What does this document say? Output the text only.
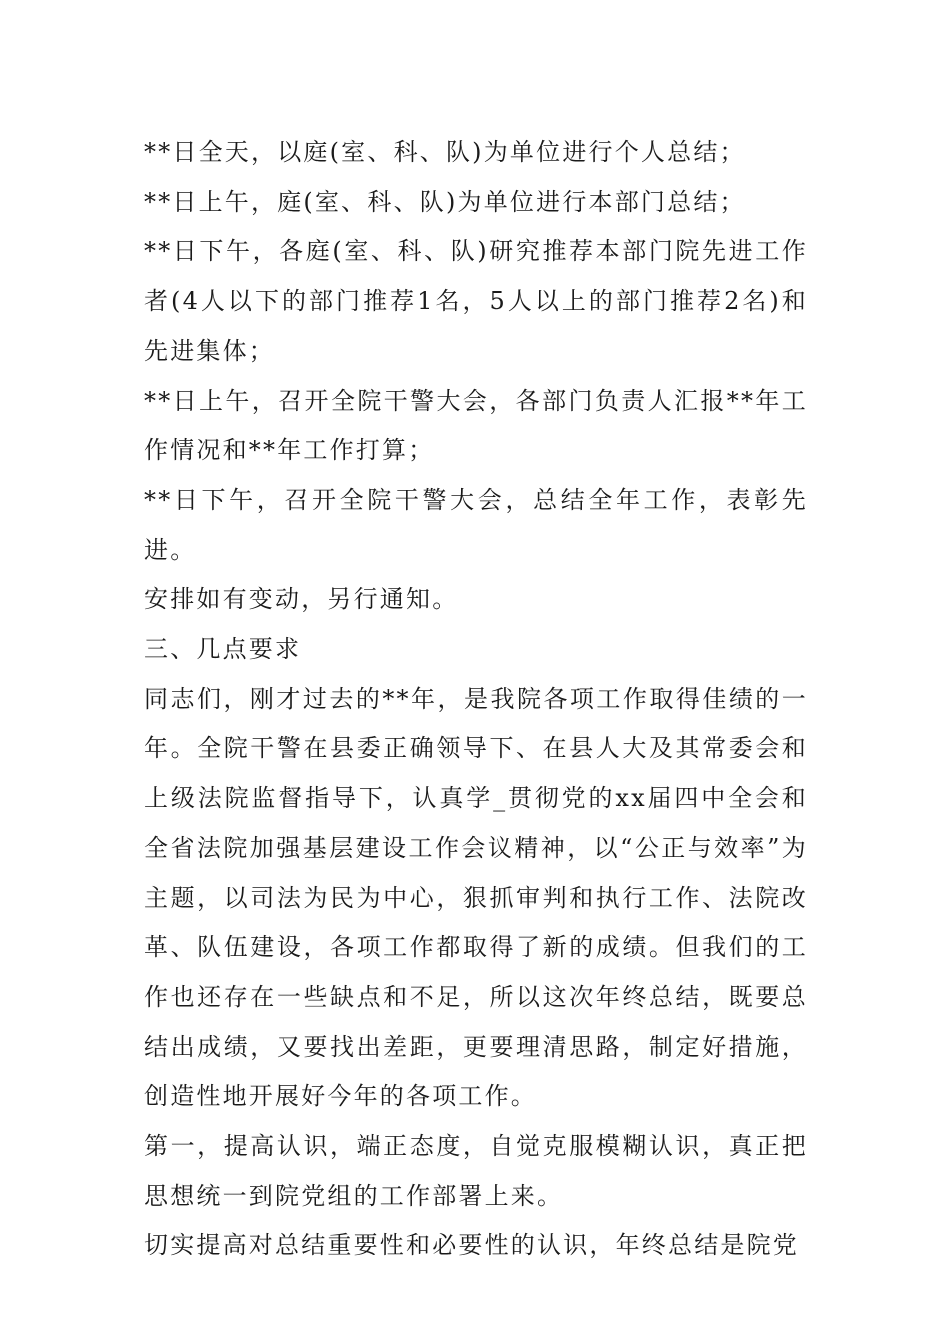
**日全天，以庭(室、科、队)为单位进行个人总结；

**日上午，庭(室、科、队)为单位进行本部门总结；

**日下午，各庭(室、科、队)研究推荐本部门院先进工作者(4人以下的部门推荐1名，5人以上的部门推荐2名)和先进集体；

**日上午，召开全院干警大会，各部门负责人汇报**年工作情况和**年工作打算；

**日下午，召开全院干警大会，总结全年工作，表彰先进。

安排如有变动，另行通知。

三、几点要求

同志们，刚才过去的**年，是我院各项工作取得佳绩的一年。全院干警在县委正确领导下、在县人大及其常委会和上级法院监督指导下，认真学_贯彻党的xx届四中全会和全省法院加强基层建设工作会议精神，以“公正与效率”为主题，以司法为民为中心，狠抓审判和执行工作、法院改革、队伍建设，各项工作都取得了新的成绩。但我们的工作也还存在一些缺点和不足，所以这次年终总结，既要总结出成绩，又要找出差距，更要理清思路，制定好措施，创造性地开展好今年的各项工作。

第一，提高认识，端正态度，自觉克服模糊认识，真正把思想统一到院党组的工作部署上来。

切实提高对总结重要性和必要性的认识，年终总结是院党
